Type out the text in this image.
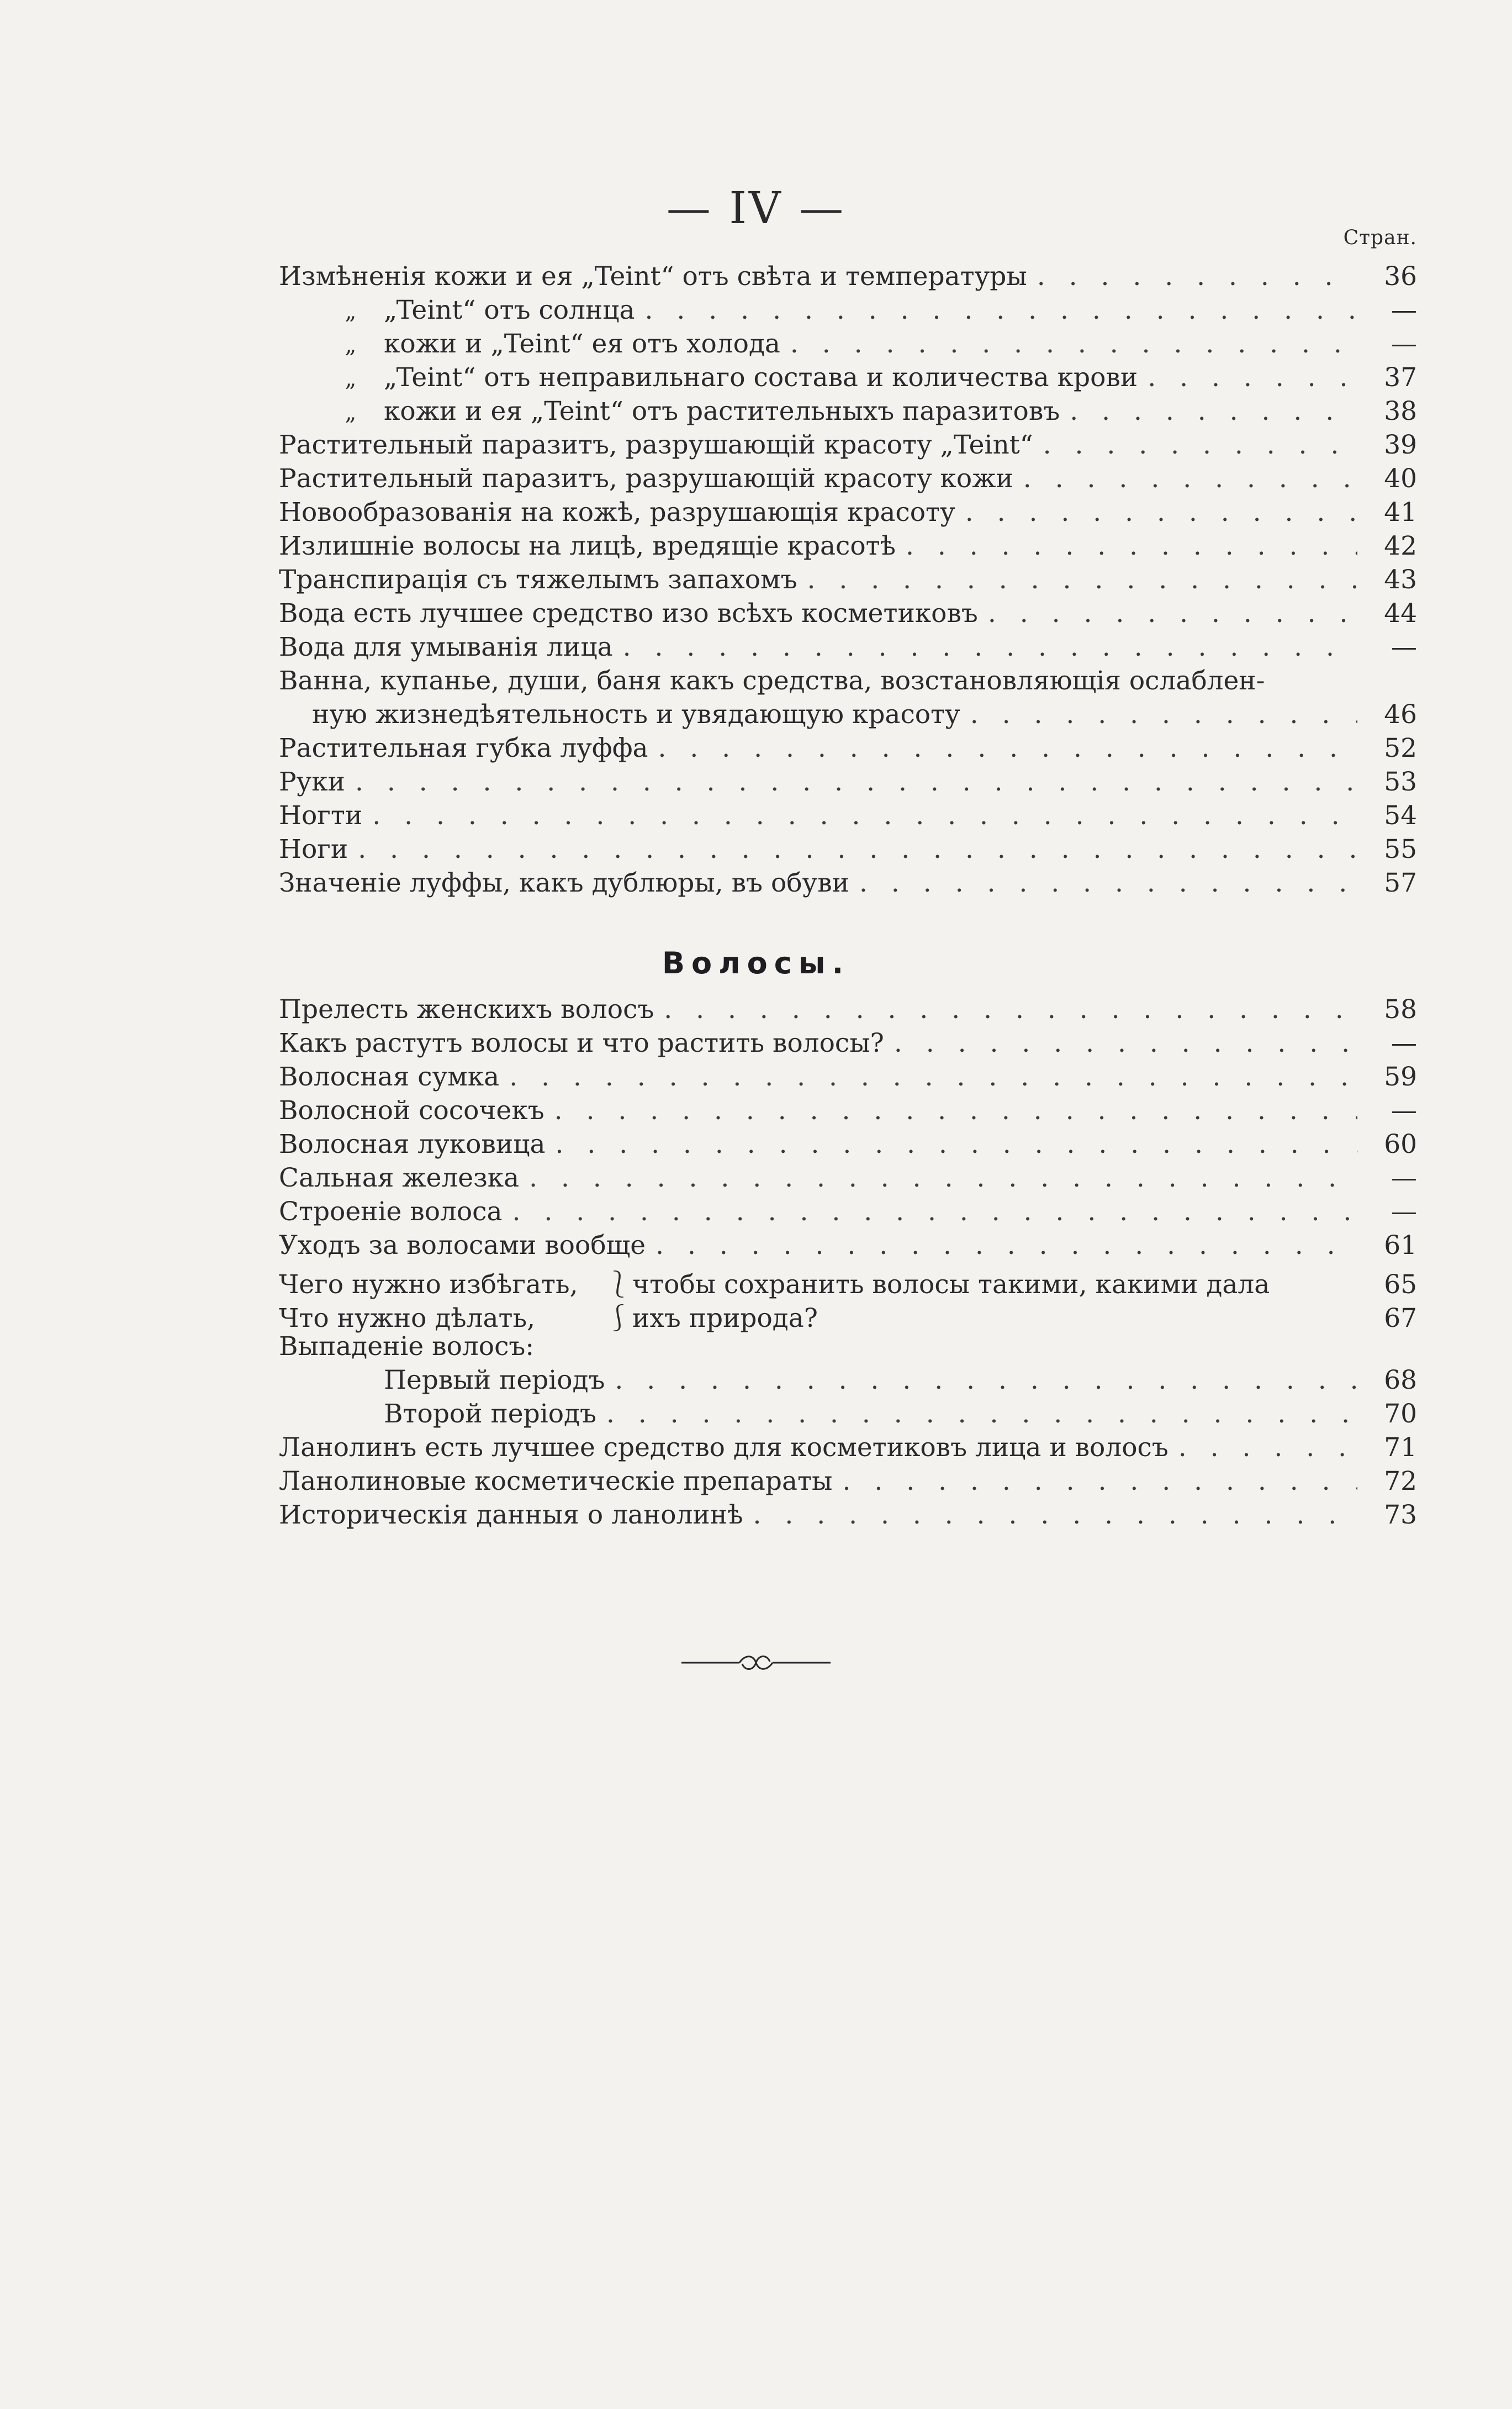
— IV —
Стран.
Измѣненія кожи и ея „Teint“ отъ свѣта и температуры . . .	36
„	„Teint“ отъ солнца . . .	—
„	кожи и „Teint“ ея отъ холода . . .	—
„	„Teint“ отъ неправильнаго состава и количества крови . . .	37
„	кожи и ея „Teint“ отъ растительныхъ паразитовъ . . .	38
Растительный паразитъ, разрушающій красоту „Teint“ . . .	39
Растительный паразитъ, разрушающій красоту кожи . . .	40
Новообразованія на кожѣ, разрушающія красоту . . .	41
Излишніе волосы на лицѣ, вредящіе красотѣ . . .	42
Транспирація съ тяжелымъ запахомъ . . .	43
Вода есть лучшее средство изо всѣхъ косметиковъ . . .	44
Вода для умыванія лица . . .	—
Ванна, купанье, души, баня какъ средства, возстановляющія ослаблен-
ную жизнедѣятельность и увядающую красоту . . .	46
Растительная губка луффа . . .	52
Руки . . .	53
Ногти . . .	54
Ноги . . .	55
Значеніе луффы, какъ дублюры, въ обуви . . .	57
Волосы.
Прелесть женскихъ волосъ . . .	58
Какъ растутъ волосы и что растить волосы? . . .	—
Волосная сумка . . .	59
Волосной сосочекъ . . .	—
Волосная луковица . . .	60
Сальная железка . . .	—
Строеніе волоса . . .	—
Уходъ за волосами вообще . . .	61
Чего нужно избѣгать,	⎱ чтобы сохранить волосы такими, какими дала	65
Что нужно дѣлать,	⎰ ихъ природа?	67
Выпаденіе волосъ:
Первый періодъ . . .	68
Второй періодъ . . .	70
Ланолинъ есть лучшее средство для косметиковъ лица и волосъ . . .	71
Ланолиновые косметическіе препараты . . .	72
Историческія данныя о ланолинѣ . . .	73
